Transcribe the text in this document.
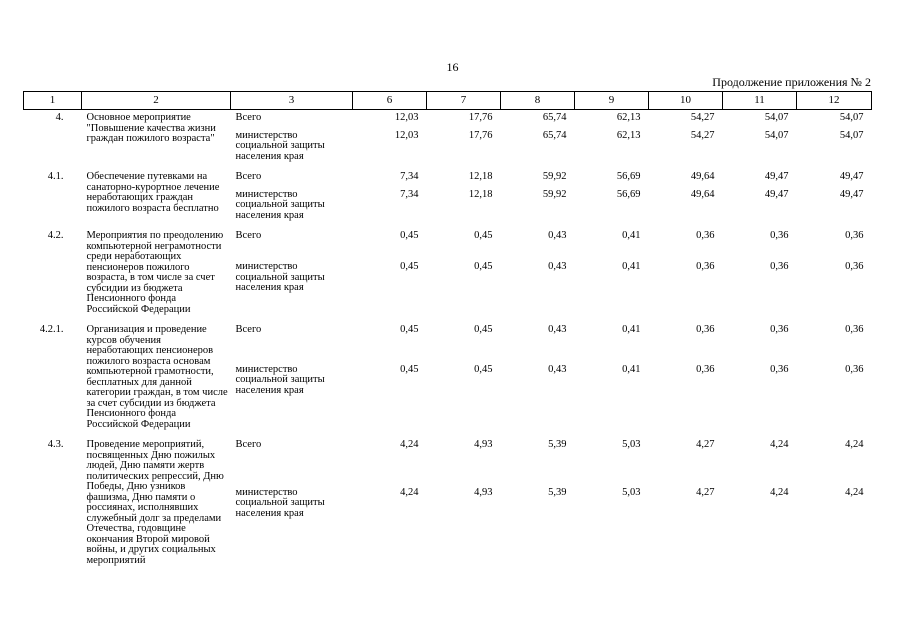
16
Продолжение приложения № 2
1	2	3	6	7	8	9	10	11	12
4.	Основное мероприятие "Повышение качества жизни граждан пожилого возраста"	Всего	12,03	17,76	65,74	62,13	54,27	54,07	54,07
		министерство социальной защиты населения края	12,03	17,76	65,74	62,13	54,27	54,07	54,07

4.1.	Обеспечение путевками на санаторно-курортное лечение неработающих граждан пожилого возраста бесплатно	Всего	7,34	12,18	59,92	56,69	49,64	49,47	49,47
		министерство социальной защиты населения края	7,34	12,18	59,92	56,69	49,64	49,47	49,47

4.2.	Мероприятия по преодолению компьютерной неграмотности среди неработающих пенсионеров пожилого возраста, в том числе за счет субсидии из бюджета Пенсионного фонда Российской Федерации	Всего	0,45	0,45	0,43	0,41	0,36	0,36	0,36
		министерство социальной защиты населения края	0,45	0,45	0,43	0,41	0,36	0,36	0,36

4.2.1.	Организация и проведение курсов обучения неработающих пенсионеров пожилого возраста основам компьютерной грамотности, бесплатных для данной категории граждан, в том числе за счет субсидии из бюджета Пенсионного фонда Российской Федерации	Всего	0,45	0,45	0,43	0,41	0,36	0,36	0,36
		министерство социальной защиты населения края	0,45	0,45	0,43	0,41	0,36	0,36	0,36

4.3.	Проведение мероприятий, посвященных Дню пожилых людей, Дню памяти жертв политических репрессий, Дню Победы, Дню узников фашизма, Дню памяти о россиянах, исполнявших служебный долг за пределами Отечества, годовщине окончания Второй мировой войны, и других социальных мероприятий	Всего	4,24	4,93	5,39	5,03	4,27	4,24	4,24
		министерство социальной защиты населения края	4,24	4,93	5,39	5,03	4,27	4,24	4,24
